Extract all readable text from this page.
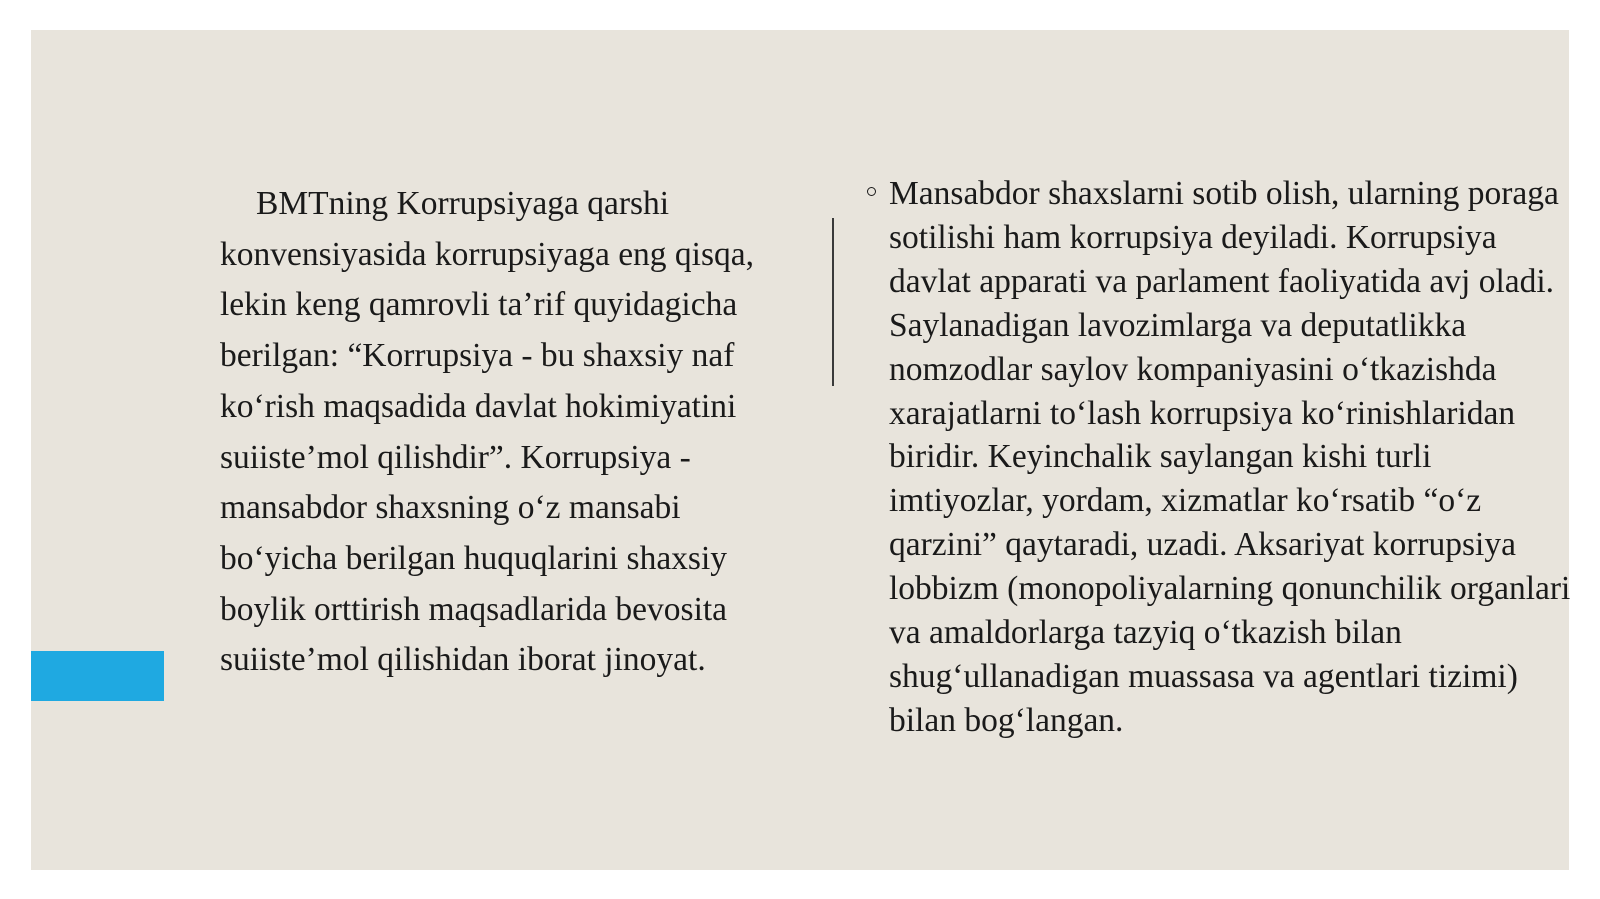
BMTning Korrupsiyaga qarshi konvensiyasida korrupsiyaga eng qisqa, lekin keng qamrovli ta’rif quyidagicha berilgan: “Korrupsiya - bu shaxsiy naf ko‘rish maqsadida davlat hokimiyatini suiiste’mol qilishdir”. Korrupsiya - mansabdor shaxsning o‘z mansabi bo‘yicha berilgan huquqlarini shaxsiy boylik orttirish maqsadlarida bevosita suiiste’mol qilishidan iborat jinoyat.

Mansabdor shaxslarni sotib olish, ularning poraga sotilishi ham korrupsiya deyiladi. Korrupsiya davlat apparati va parlament faoliyatida avj oladi. Saylanadigan lavozimlarga va deputatlikka nomzodlar saylov kompaniyasini o‘tkazishda xarajatlarni to‘lash korrupsiya ko‘rinishlaridan biridir. Keyinchalik saylangan kishi turli imtiyozlar, yordam, xizmatlar ko‘rsatib “o‘z qarzini” qaytaradi, uzadi. Aksariyat korrupsiya lobbizm (monopoliyalarning qonunchilik organlari va amaldorlarga tazyiq o‘tkazish bilan shug‘ullanadigan muassasa va agentlari tizimi) bilan bog‘langan.
